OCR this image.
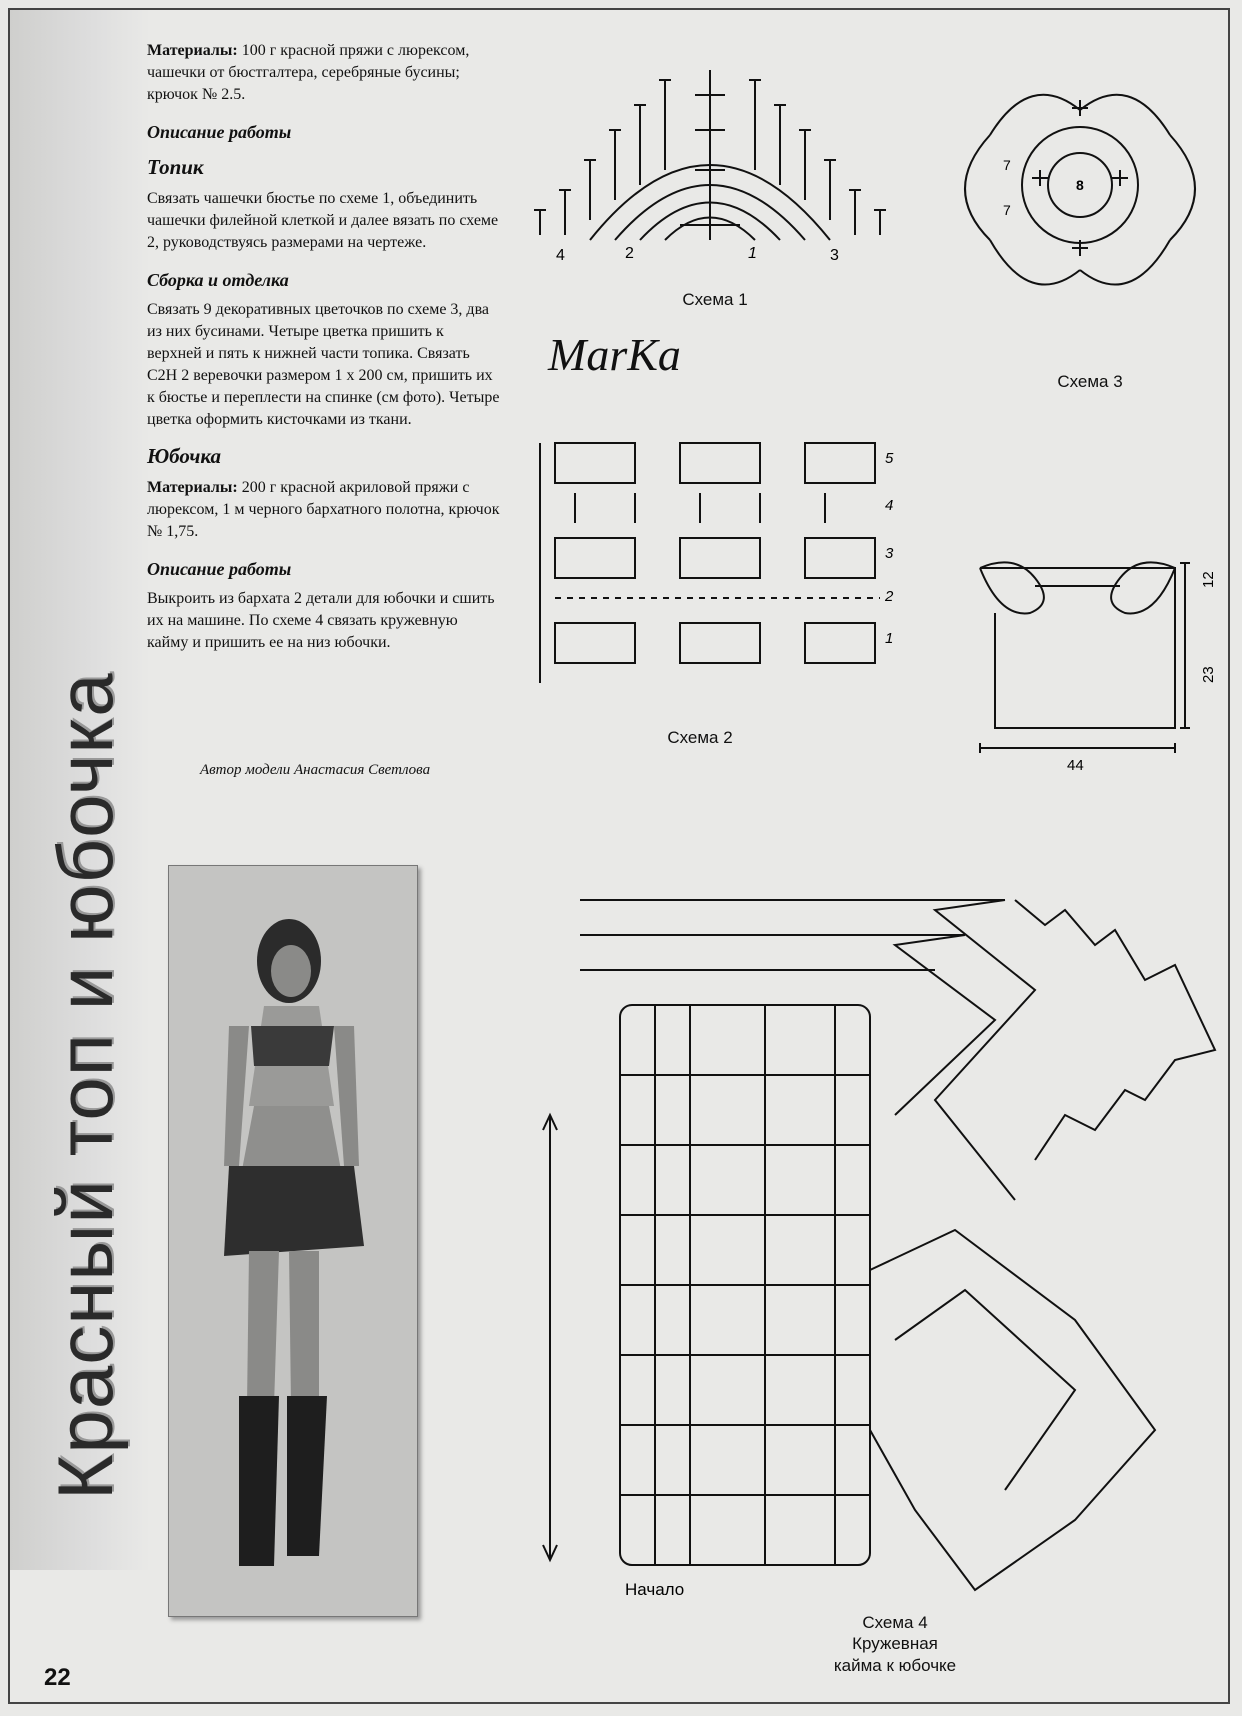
Красный топ и юбочка

Материалы: 100 г красной пряжи с люрексом, чашечки от бюстгалтера, серебряные бусины; крючок № 2.5.

Описание работы
Топик

Связать чашечки бюстье по схеме 1, объединить чашечки филейной клеткой и далее вязать по схеме 2, руководствуясь размерами на чертеже.

Сборка и отделка

Связать 9 декоративных цветочков по схеме 3, два из них бусинами. Четыре цветка пришить к верхней и пять к нижней части топика. Связать С2Н 2 веревочки размером 1 х 200 см, пришить их к бюстье и переплести на спинке (см фото). Четыре цветка оформить кисточками из ткани.

Юбочка

Материалы: 200 г красной акриловой пряжи с люрексом, 1 м черного бархатного полотна, крючок № 1,75.

Описание работы

Выкроить из бархата 2 детали для юбочки и сшить их на машине. По схеме 4 связать кружевную кайму и пришить ее на низ юбочки.

Автор модели Анастасия Светлова
4	2	1	3
Схема 1
MarKa
7
8
7
Схема 3
5
4
3
2
1
Схема 2
12
23
44
Начало
Схема 4
Кружевная
кайма к юбочке
22
